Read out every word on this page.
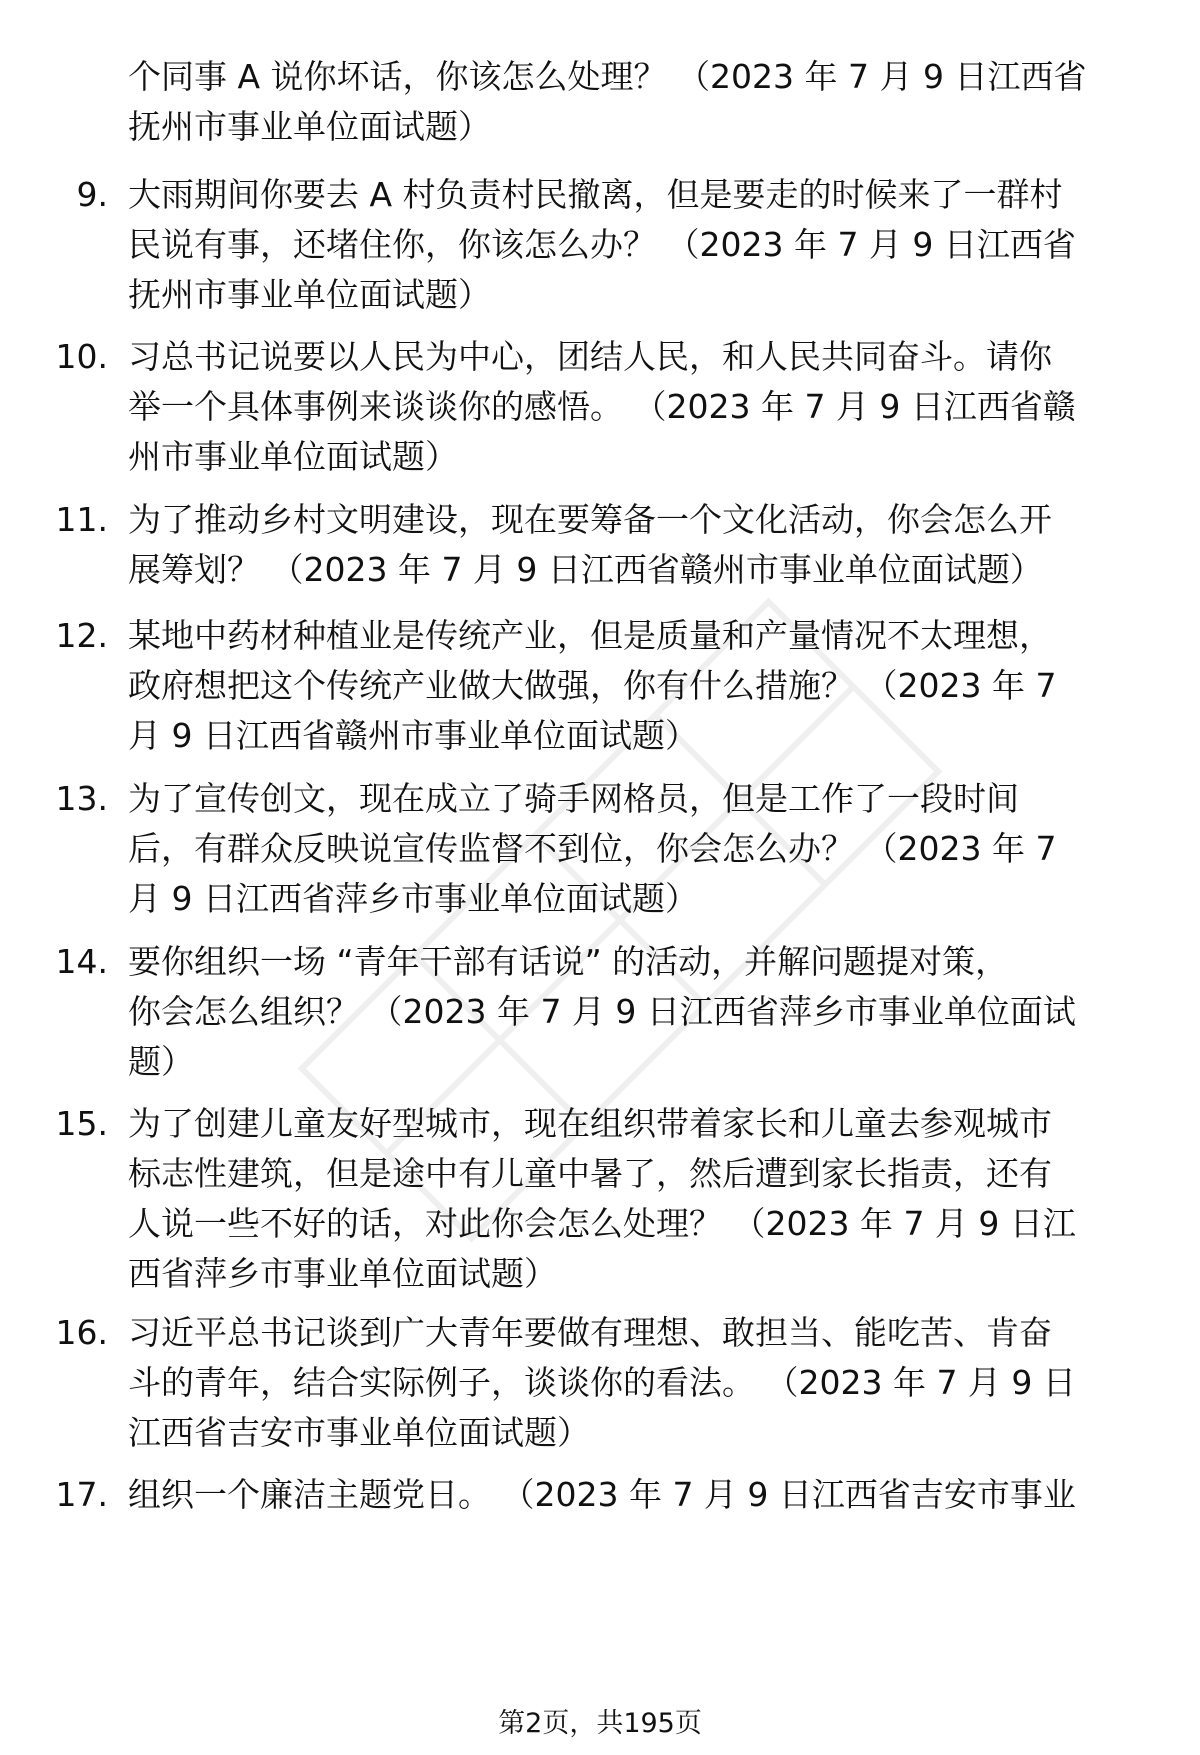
个同事 A 说你坏话，你该怎么处理？ （2023 年 7 月 9 日江西省
抚州市事业单位面试题）
9. 大雨期间你要去 A 村负责村民撤离，但是要走的时候来了一群村
民说有事，还堵住你，你该怎么办？ （2023 年 7 月 9 日江西省
抚州市事业单位面试题）
10. 习总书记说要以人民为中心，团结人民，和人民共同奋斗。请你
举一个具体事例来谈谈你的感悟。 （2023 年 7 月 9 日江西省赣
州市事业单位面试题）
11. 为了推动乡村文明建设，现在要筹备一个文化活动，你会怎么开
展筹划？ （2023 年 7 月 9 日江西省赣州市事业单位面试题）
12. 某地中药材种植业是传统产业，但是质量和产量情况不太理想，
政府想把这个传统产业做大做强，你有什么措施？ （2023 年 7
月 9 日江西省赣州市事业单位面试题）
13. 为了宣传创文，现在成立了骑手网格员，但是工作了一段时间
后，有群众反映说宣传监督不到位，你会怎么办？ （2023 年 7
月 9 日江西省萍乡市事业单位面试题）
14. 要你组织一场 “青年干部有话说” 的活动，并解问题提对策，
你会怎么组织？ （2023 年 7 月 9 日江西省萍乡市事业单位面试
题）
15. 为了创建儿童友好型城市，现在组织带着家长和儿童去参观城市
标志性建筑，但是途中有儿童中暑了，然后遭到家长指责，还有
人说一些不好的话，对此你会怎么处理？ （2023 年 7 月 9 日江
西省萍乡市事业单位面试题）
16. 习近平总书记谈到广大青年要做有理想、敢担当、能吃苦、肯奋
斗的青年，结合实际例子，谈谈你的看法。 （2023 年 7 月 9 日
江西省吉安市事业单位面试题）
17. 组织一个廉洁主题党日。 （2023 年 7 月 9 日江西省吉安市事业
第2页，共195页
